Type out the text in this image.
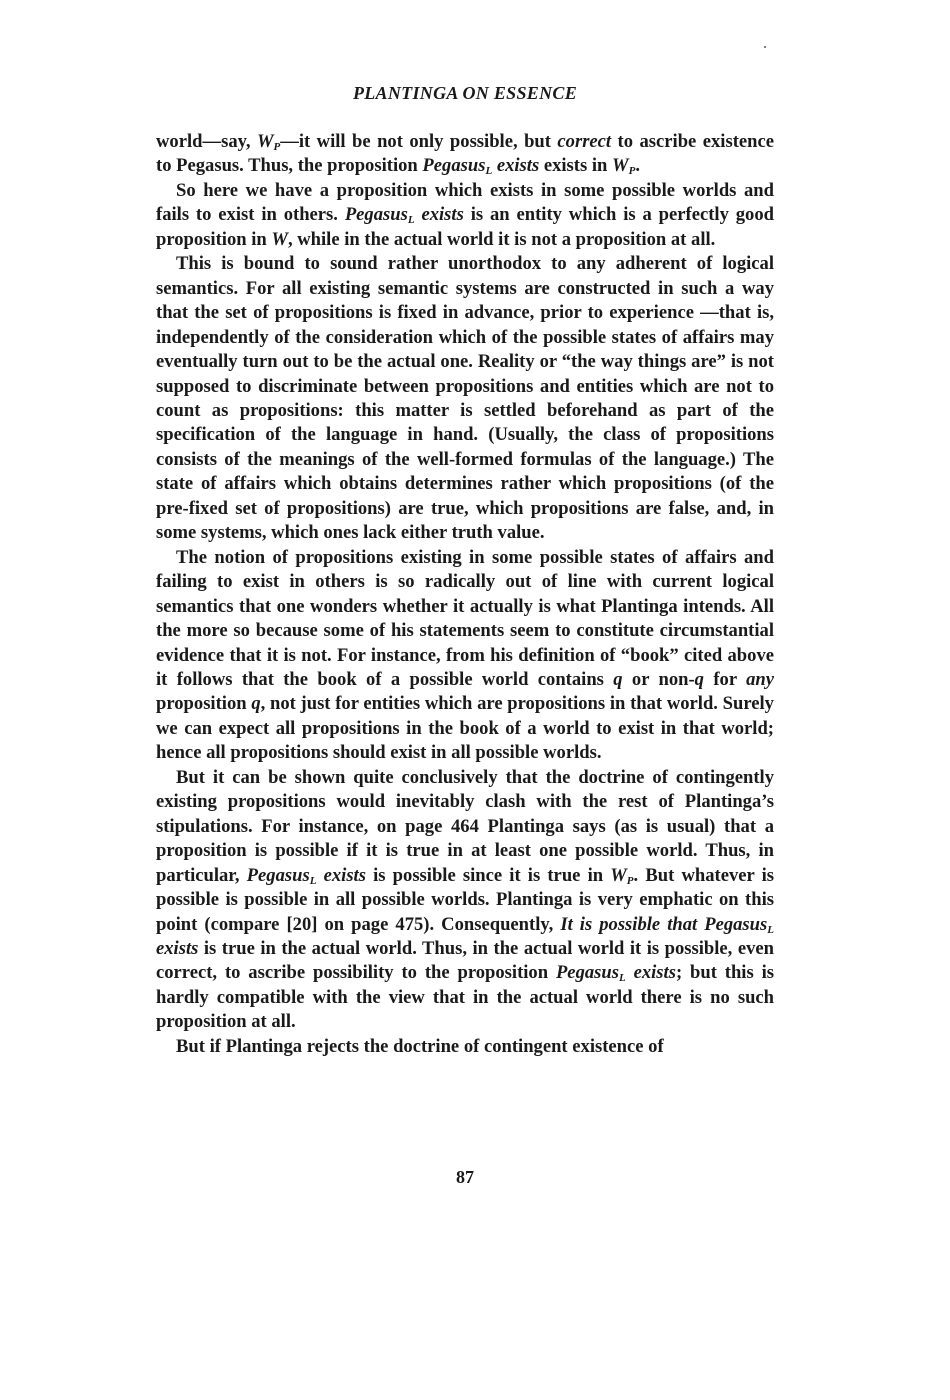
PLANTINGA ON ESSENCE

world—say, $W_P—it$ will be not only possible, but correct to ascribe existence to Pegasus. Thus, the proposition Pegasus$_L$ exists exists in $W_P$.

So here we have a proposition which exists in some possible worlds and fails to exist in others. Pegasus$_L$ exists is an entity which is a perfectly good proposition in W, while in the actual world it is not a proposition at all.

This is bound to sound rather unorthodox to any adherent of logical semantics. For all existing semantic systems are constructed in such a way that the set of propositions is fixed in advance, prior to experience —that is, independently of the consideration which of the possible states of affairs may eventually turn out to be the actual one. Reality or “the way things are” is not supposed to discriminate between propositions and entities which are not to count as propositions: this matter is settled beforehand as part of the specification of the language in hand. (Usually, the class of propositions consists of the meanings of the well-formed formulas of the language.) The state of affairs which obtains determines rather which propositions (of the pre-fixed set of propositions) are true, which propositions are false, and, in some systems, which ones lack either truth value.

The notion of propositions existing in some possible states of affairs and failing to exist in others is so radically out of line with current logical semantics that one wonders whether it actually is what Plantinga intends. All the more so because some of his statements seem to constitute circumstantial evidence that it is not. For instance, from his definition of “book” cited above it follows that the book of a possible world contains q or non-q for any proposition q, not just for entities which are propositions in that world. Surely we can expect all propositions in the book of a world to exist in that world; hence all propositions should exist in all possible worlds.

But it can be shown quite conclusively that the doctrine of contingently existing propositions would inevitably clash with the rest of Plantinga’s stipulations. For instance, on page 464 Plantinga says (as is usual) that a proposition is possible if it is true in at least one possible world. Thus, in particular, Pegasus$_L$ exists is possible since it is true in $W_P$. But whatever is possible is possible in all possible worlds. Plantinga is very emphatic on this point (compare [20] on page 475). Consequently, It is possible that Pegasus$_L$ exists is true in the actual world. Thus, in the actual world it is possible, even correct, to ascribe possibility to the proposition Pegasus$_L$ exists; but this is hardly compatible with the view that in the actual world there is no such proposition at all.

But if Plantinga rejects the doctrine of contingent existence of

87
